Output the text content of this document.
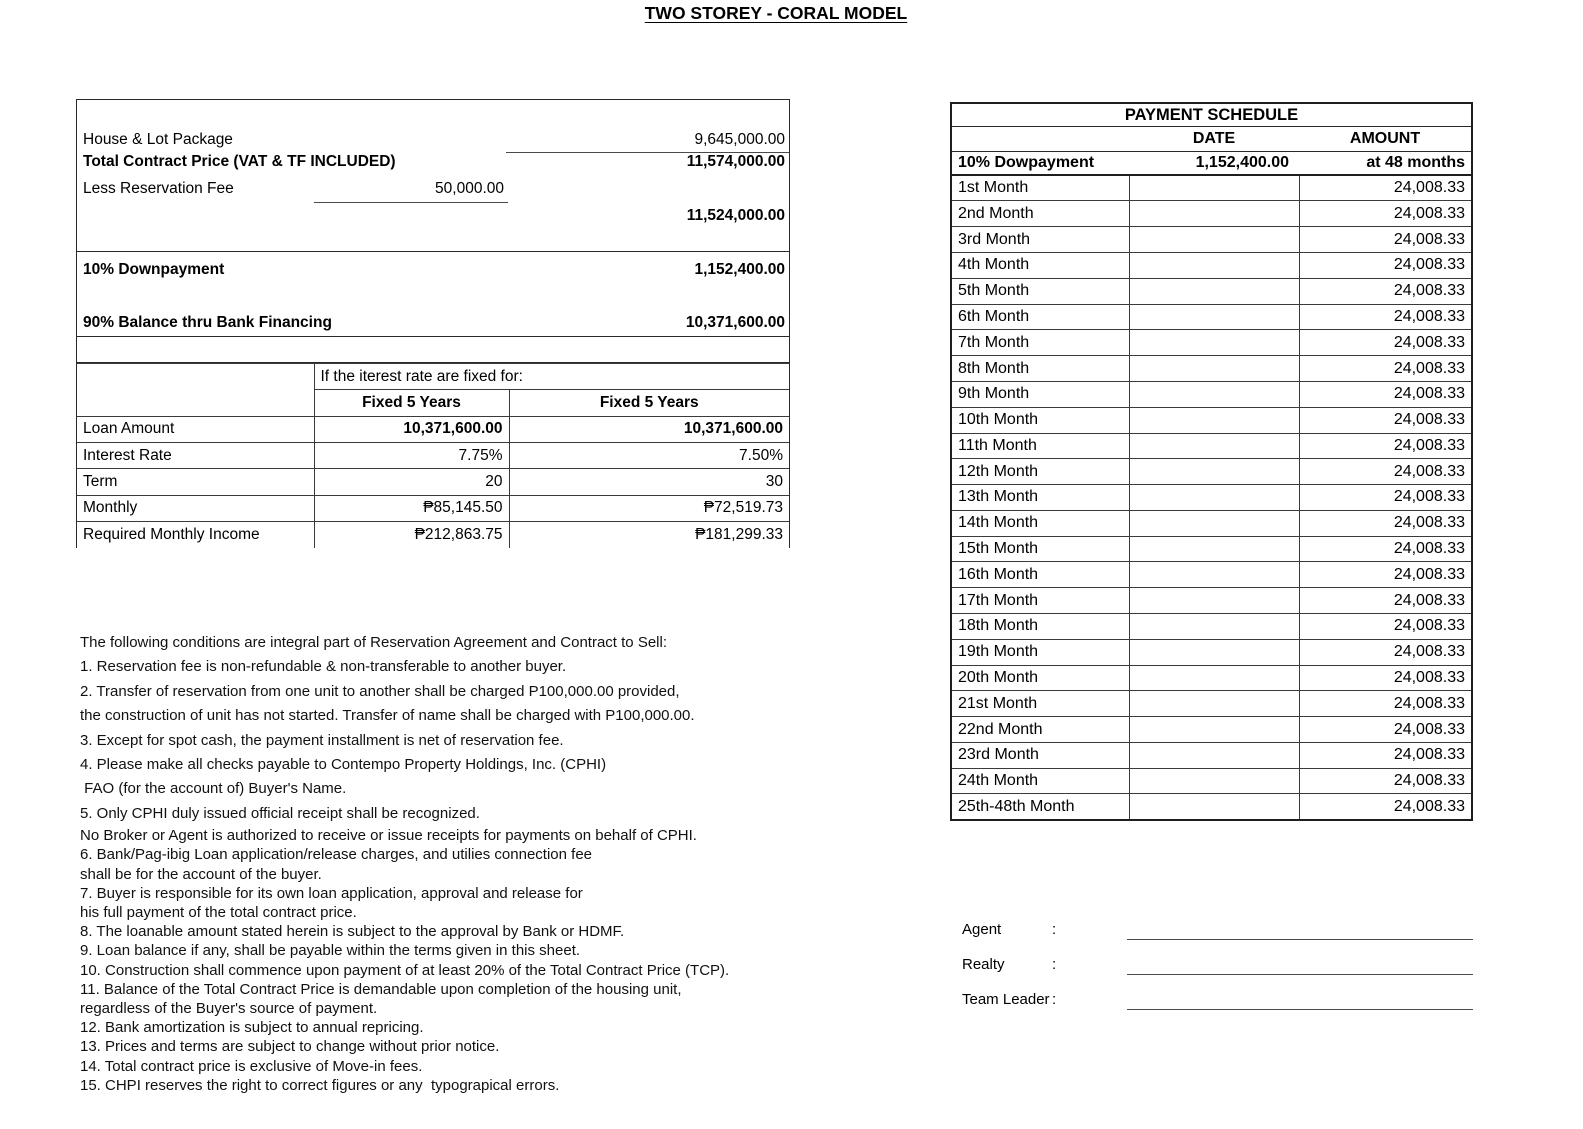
TWO STOREY - CORAL MODEL
House & Lot Package	9,645,000.00
Total Contract Price (VAT & TF INCLUDED)	11,574,000.00
Less Reservation Fee	50,000.00
11,524,000.00
10% Downpayment	1,152,400.00
90% Balance thru Bank Financing	10,371,600.00
	If the iterest rate are fixed for:	
	Fixed 5 Years	Fixed 5 Years
Loan Amount	10,371,600.00	10,371,600.00
Interest Rate	7.75%	7.50%
Term	20	30
Monthly	₱85,145.50	₱72,519.73
Required Monthly Income	₱212,863.75	₱181,299.33
PAYMENT SCHEDULE		
	DATE	AMOUNT
10% Dowpayment	1,152,400.00	at 48 months
1st Month		24,008.33
2nd Month		24,008.33
3rd Month		24,008.33
4th Month		24,008.33
5th Month		24,008.33
6th Month		24,008.33
7th Month		24,008.33
8th Month		24,008.33
9th Month		24,008.33
10th Month		24,008.33
11th Month		24,008.33
12th Month		24,008.33
13th Month		24,008.33
14th Month		24,008.33
15th Month		24,008.33
16th Month		24,008.33
17th Month		24,008.33
18th Month		24,008.33
19th Month		24,008.33
20th Month		24,008.33
21st Month		24,008.33
22nd Month		24,008.33
23rd Month		24,008.33
24th Month		24,008.33
25th-48th Month		24,008.33
The following conditions are integral part of Reservation Agreement and Contract to Sell:
1. Reservation fee is non-refundable & non-transferable to another buyer.
2. Transfer of reservation from one unit to another shall be charged P100,000.00 provided,
the construction of unit has not started. Transfer of name shall be charged with P100,000.00.
3. Except for spot cash, the payment installment is net of reservation fee.
4. Please make all checks payable to Contempo Property Holdings, Inc. (CPHI)
FAO (for the account of) Buyer's Name.
5. Only CPHI duly issued official receipt shall be recognized.
No Broker or Agent is authorized to receive or issue receipts for payments on behalf of CPHI.
6. Bank/Pag-ibig Loan application/release charges, and utilies connection fee
shall be for the account of the buyer.
7. Buyer is responsible for its own loan application, approval and release for
his full payment of the total contract price.
8. The loanable amount stated herein is subject to the approval by Bank or HDMF.
9. Loan balance if any, shall be payable within the terms given in this sheet.
10. Construction shall commence upon payment of at least 20% of the Total Contract Price (TCP).
11. Balance of the Total Contract Price is demandable upon completion of the housing unit,
regardless of the Buyer's source of payment.
12. Bank amortization is subject to annual repricing.
13. Prices and terms are subject to change without prior notice.
14. Total contract price is exclusive of Move-in fees.
15. CHPI reserves the right to correct figures or any  typograpical errors.
Agent	:
Realty	:
Team Leader :
